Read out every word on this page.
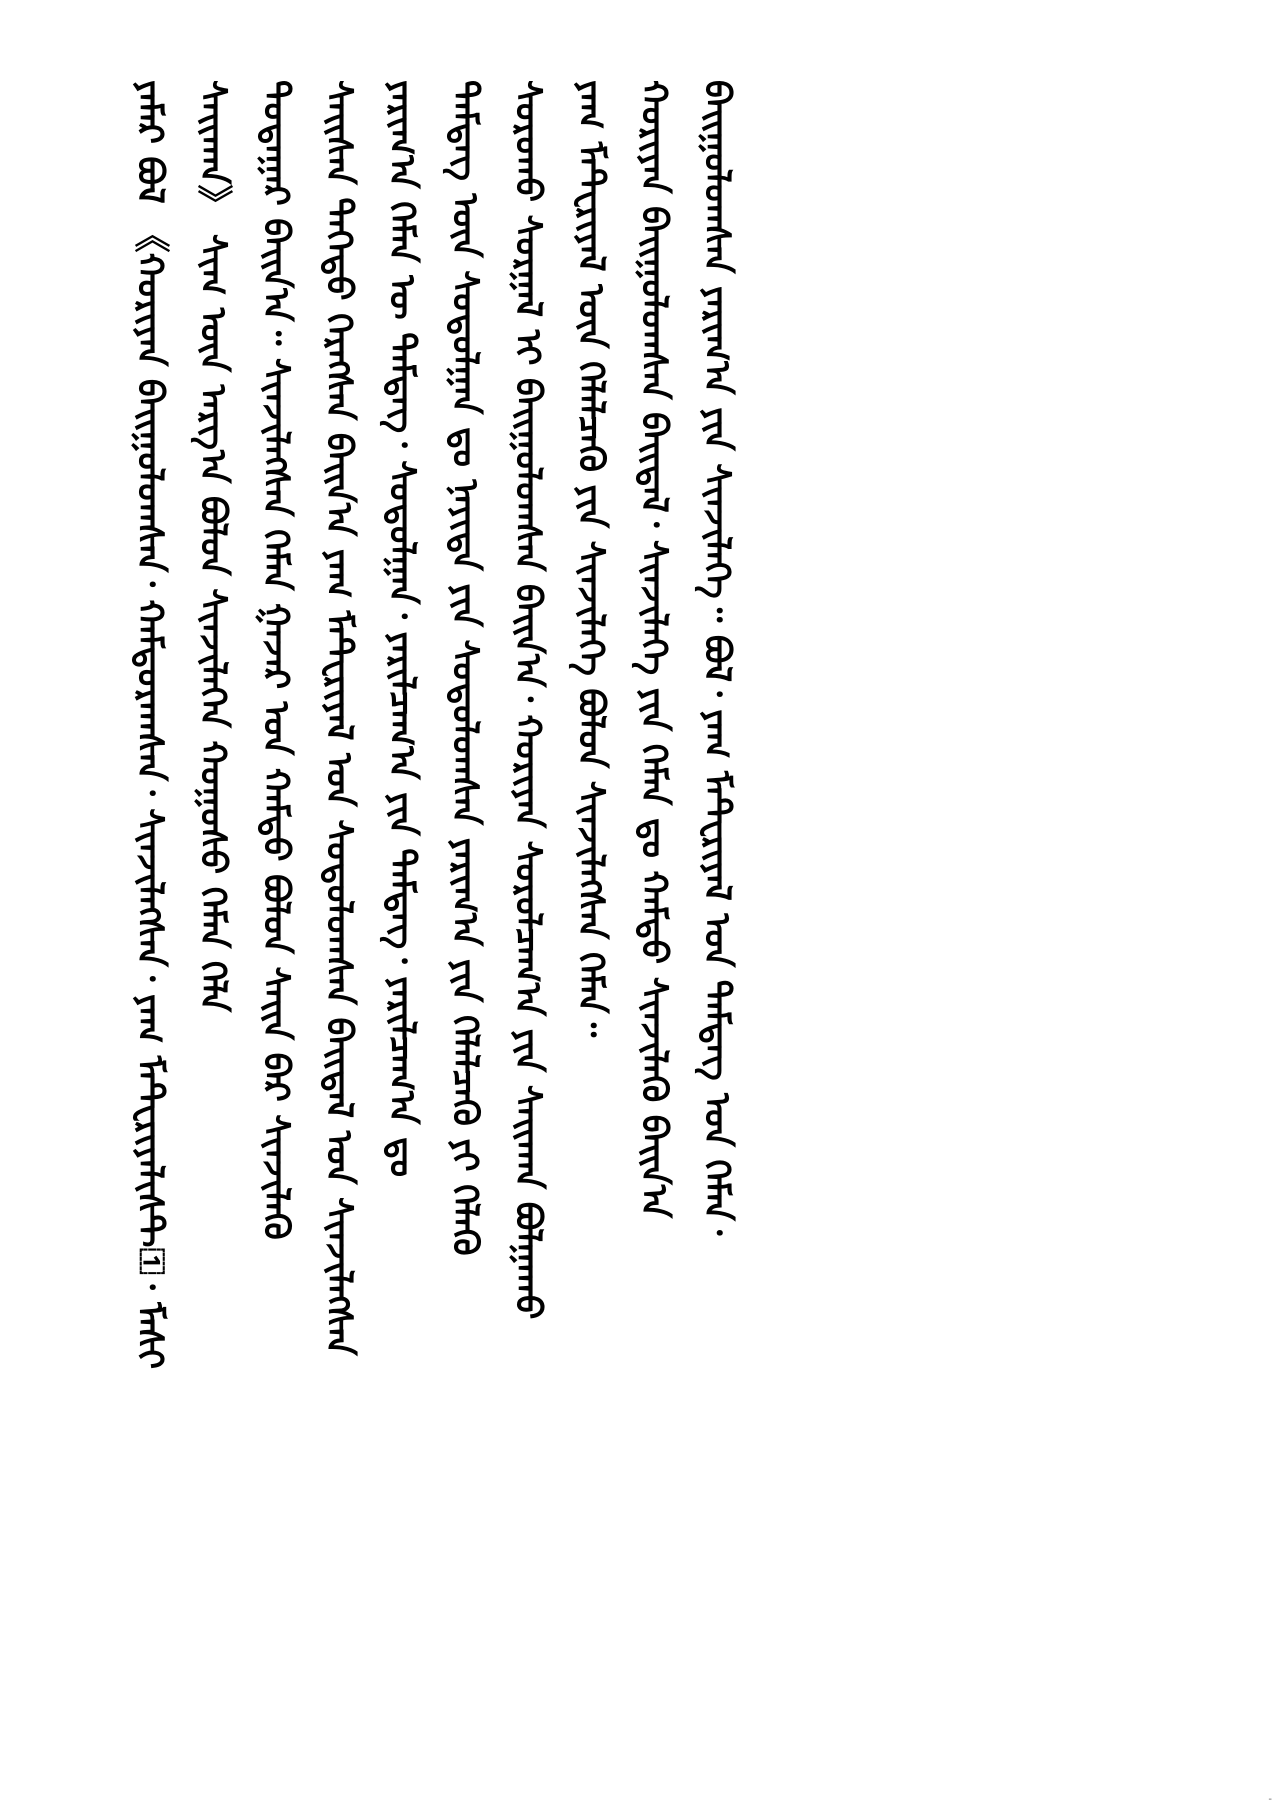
ᠶᠠᠮᠠᠷ ᠪᠣᠯ 《ᠬᠣᠷᠢᠶᠠᠨ ᠪᠠᠢᠭᠤᠯᠤᠭᠰᠠᠨ᠂ ᠬᠠᠮᠲᠤᠷᠠᠭᠰᠠᠨ᠂ ᠰᠢᠨᠵᠢᠯᠡᠭᠰᠡᠨ᠂ ᠶᠠᠭ ᠮᠠᠲ᠋ᠧᠷᠢᠶᠠᠯᠢᠰᠲ᠋᠂ ᠮᠠᠰᠢ ᠰᠠᠢᠬᠠᠨ》 ᠰᠢᠭ᠋ ᠦᠨ ᠠᠷᠭ᠎ᠠ ᠪᠣᠯᠣᠨ ᠰᠢᠨᠵᠢᠯᠡᠭᠡᠨ ᠬᠣᠭᠣᠰᠣ ᠬᠡᠮᠡᠨ ᠬᠡᠯᠡ ᠳᠤᠲᠠᠭᠠᠷ ᠪᠠᠢᠨ᠎ᠠ᠃ ᠰᠢᠨᠵᠢᠯᠡᠭᠰᠡᠨ ᠬᠡᠮᠡᠨ ᠭᠠᠵᠠᠷ ᠤᠨ ᠬᠠᠮᠲᠤ ᠪᠣᠯᠣᠨ ᠰᠠᠢᠨ ᠪᠡᠷ ᠰᠢᠨᠵᠢᠯᠡᠬᠦ ᠰᠠᠢᠰᠠᠨ ᠳᠡᠭᠡᠳᠦ ᠬᠡᠷᠡᠭᠰᠡᠨ ᠪᠠᠢᠨ᠎ᠠ ᠶᠠᠭ ᠮᠠᠲ᠋ᠧᠷᠢᠶᠠᠯ ᠤᠨ ᠰᠤᠳᠤᠯᠤᠭᠰᠠᠨ ᠪᠠᠢᠳᠠᠯ ᠤᠨ ᠰᠢᠨᠵᠢᠯᠡᠭᠰᠡᠨ ᠶᠠᠷᠢᠭ᠎ᠠ ᠬᠡᠮᠡᠨ ᠦ ᠲᠡᠮᠳᠡᠭ᠂ ᠰᠤᠳᠤᠯᠭᠠᠨ᠂ ᠶᠠᠷᠢᠯᠴᠠᠭ᠎ᠠ ᠶᠢᠨ ᠲᠡᠮᠳᠡᠭ᠂ ᠶᠠᠷᠢᠯᠴᠠᠭ᠎ᠠ ᠳᠤ ᠲᠡᠮᠳᠡᠭ ᠦᠨ ᠰᠤᠳᠤᠯᠭᠠᠨ ᠳᠤ ᠨᠡᠶᠢᠲᠡ ᠶᠢᠨ ᠰᠤᠳᠤᠯᠤᠭᠰᠠᠨ ᠶᠠᠷᠢᠭ᠎ᠠ ᠶᠢᠨ ᠬᠡᠯᠡᠯᠴᠡᠬᠦ ᠶᠢ ᠬᠡᠯᠡᠬᠦ ᠰᠤᠷᠤᠬᠤ ᠰᠤᠷᠭᠠᠯ ᠢ ᠪᠠᠢᠭᠤᠯᠤᠭᠰᠠᠨ ᠪᠠᠢᠨ᠎ᠠ᠂ ᠬᠣᠷᠢᠶᠠᠨ ᠰᠤᠷᠤᠯᠴᠠᠭ᠎ᠠ ᠶᠢᠨ ᠰᠠᠢᠬᠠᠨ ᠪᠣᠯᠭᠠᠬᠤ ᠶᠠᠭ ᠮᠠᠲ᠋ᠧᠷᠢᠶᠠᠯ ᠦᠨ ᠬᠡᠯᠡᠯᠴᠡᠬᠦ ᠶᠢᠨ ᠰᠢᠨᠵᠢᠯᠡᠭᠡ ᠪᠣᠯᠣᠨ ᠰᠢᠨᠵᠢᠯᠡᠭᠰᠡᠨ ᠬᠡᠮᠡᠨ᠃ ᠬᠣᠷᠢᠶᠠᠨ ᠪᠠᠢᠭᠤᠯᠤᠭᠰᠠᠨ ᠪᠠᠢᠳᠠᠯ᠂ ᠰᠢᠨᠵᠢᠯᠡᠭᠡ ᠶᠢᠨ ᠬᠡᠮᠡᠨ ᠳᠤ ᠬᠠᠮᠲᠤ ᠰᠢᠨᠵᠢᠯᠡᠬᠦ ᠪᠠᠢᠨ᠎ᠠ ᠪᠠᠢᠭᠤᠯᠤᠭᠰᠠᠨ ᠶᠠᠷᠢᠭ᠎ᠠ ᠶᠢᠨ ᠰᠢᠨᠵᠢᠯᠡᠭᠡ᠃ ᠪᠣᠯ᠂ ᠶᠠᠭ ᠮᠠᠲ᠋ᠧᠷᠢᠶᠠᠯ ᠤᠨ ᠲᠡᠮᠳᠡᠭ ᠤᠨ ᠬᠡᠮᠡᠨ᠂
-
